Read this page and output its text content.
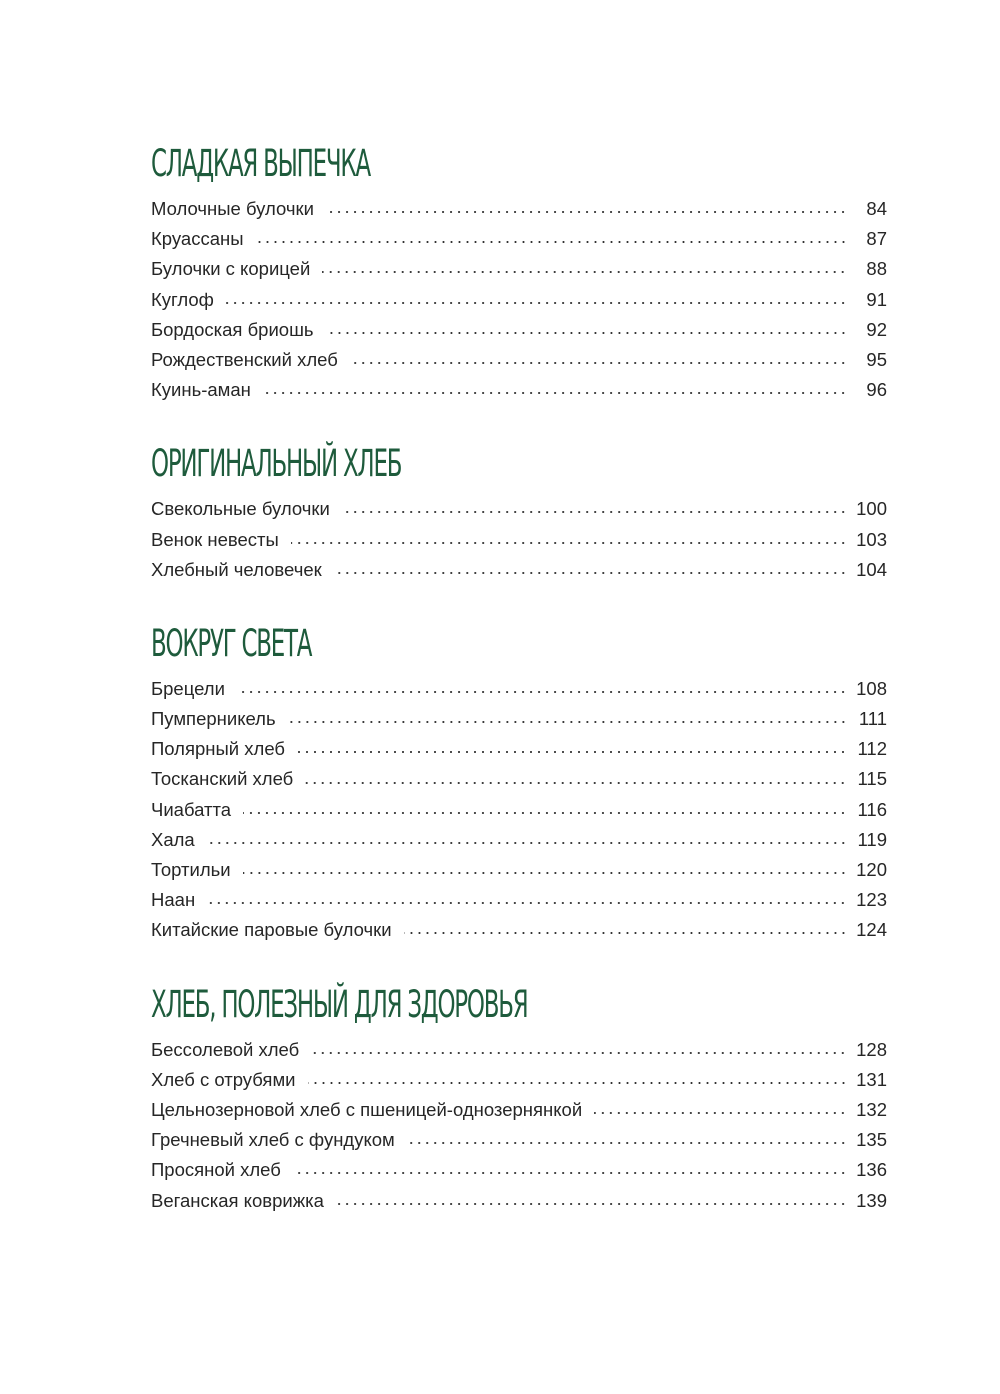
СЛАДКАЯ ВЫПЕЧКА
Молочные булочки	84
Круассаны	87
Булочки с корицей	88
Куглоф	91
Бордоская бриошь	92
Рождественский хлеб	95
Куинь-аман	96
ОРИГИНАЛЬНЫЙ ХЛЕБ
Свекольные булочки	100
Венок невесты	103
Хлебный человечек	104
ВОКРУГ СВЕТА
Брецели	108
Пумперникель	111
Полярный хлеб	112
Тосканский хлеб	115
Чиабатта	116
Хала	119
Тортильи	120
Наан	123
Китайские паровые булочки	124
ХЛЕБ, ПОЛЕЗНЫЙ ДЛЯ ЗДОРОВЬЯ
Бессолевой хлеб	128
Хлеб с отрубями	131
Цельнозерновой хлеб с пшеницей-однозернянкой	132
Гречневый хлеб с фундуком	135
Просяной хлеб	136
Веганская коврижка	139
